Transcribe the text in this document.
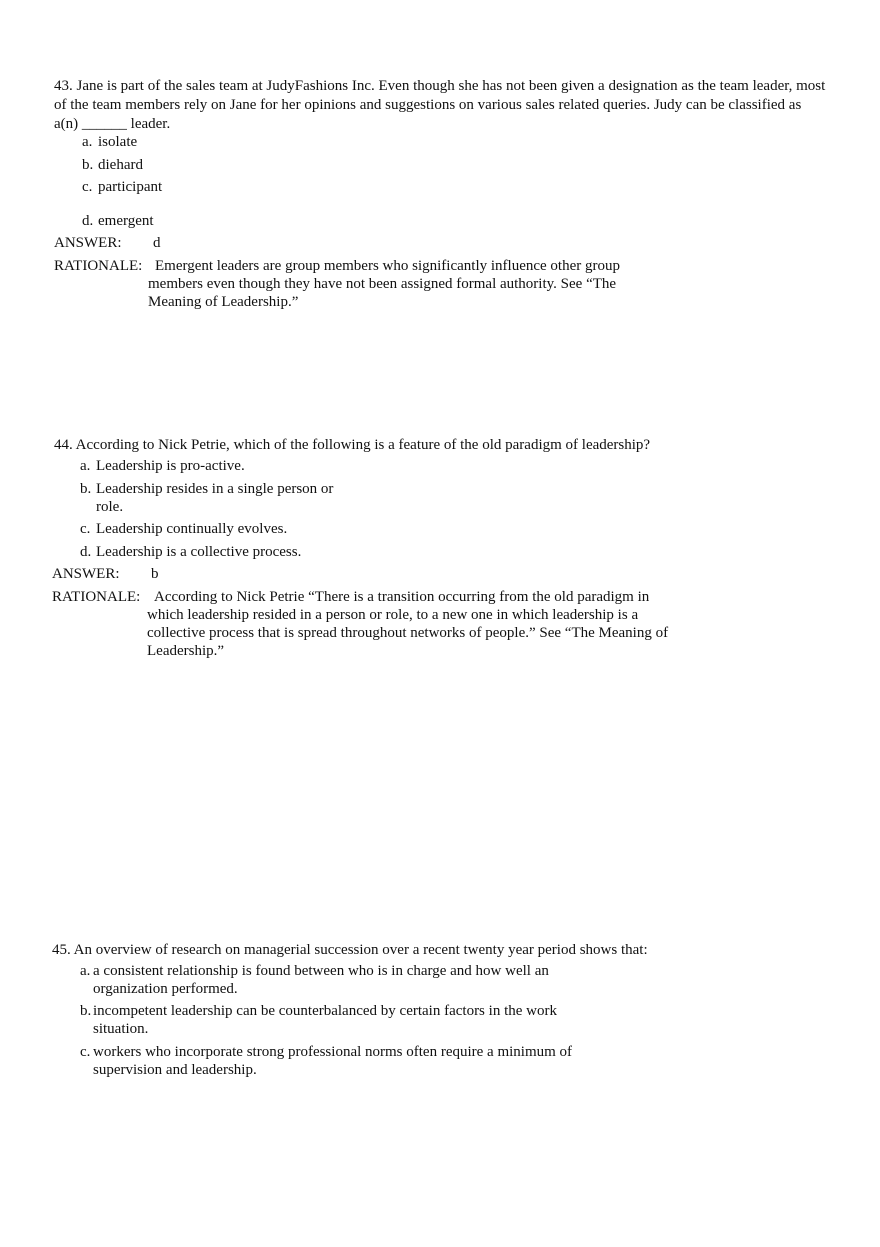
43. Jane is part of the sales team at JudyFashions Inc. Even though she has not been given a designation as the team leader, most of the team members rely on Jane for her opinions and suggestions on various sales related queries. Judy can be classified as a(n) ______ leader.
a. isolate
b. diehard
c. participant
d. emergent
ANSWER: d
RATIONALE: Emergent leaders are group members who significantly influence other group members even though they have not been assigned formal authority. See “The Meaning of Leadership.”
44. According to Nick Petrie, which of the following is a feature of the old paradigm of leadership?
a. Leadership is pro-active.
b. Leadership resides in a single person or role.
c. Leadership continually evolves.
d. Leadership is a collective process.
ANSWER: b
RATIONALE: According to Nick Petrie “There is a transition occurring from the old paradigm in which leadership resided in a person or role, to a new one in which leadership is a collective process that is spread throughout networks of people.” See “The Meaning of Leadership.”
45. An overview of research on managerial succession over a recent twenty year period shows that:
a. a consistent relationship is found between who is in charge and how well an organization performed.
b. incompetent leadership can be counterbalanced by certain factors in the work situation.
c. workers who incorporate strong professional norms often require a minimum of supervision and leadership.
